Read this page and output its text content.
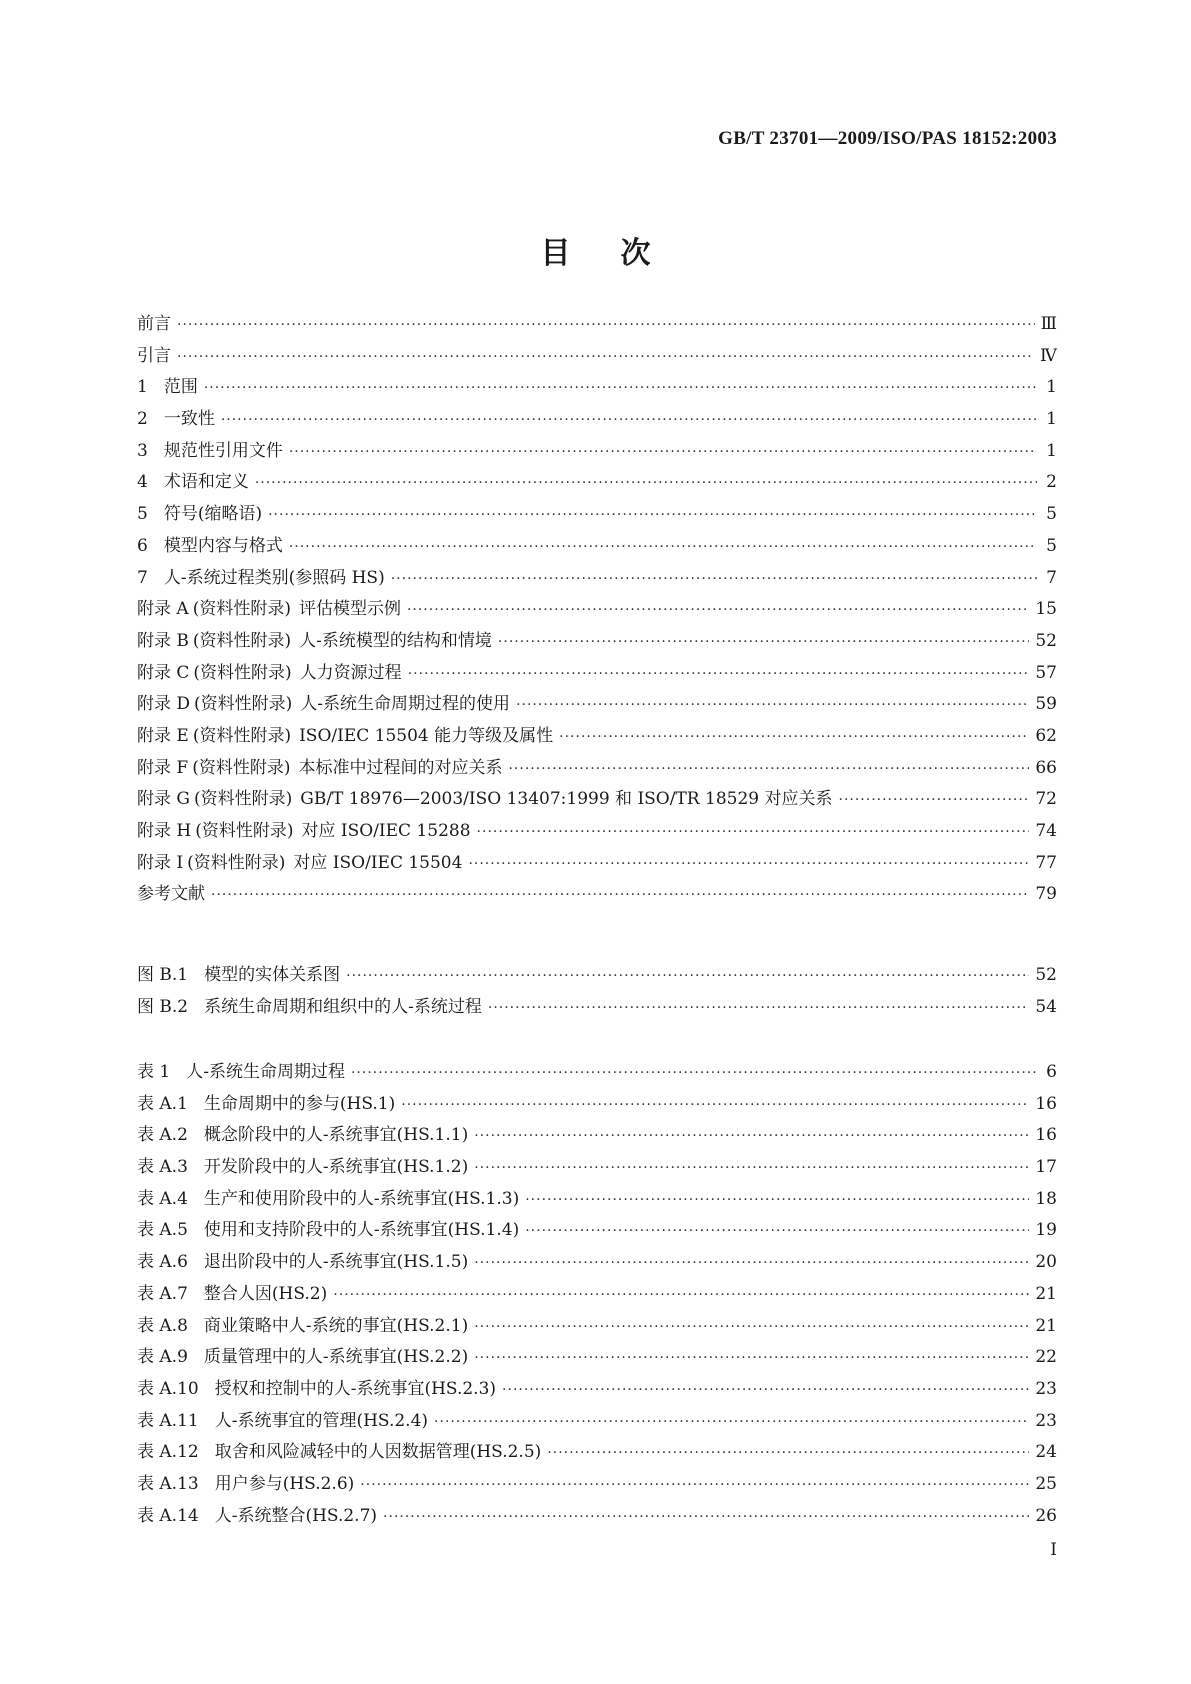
GB/T 23701—2009/ISO/PAS 18152:2003
目次
前言 ·····	Ⅲ
引言 ·····	Ⅳ
1 范围 ·····	1
2 一致性 ·····	1
3 规范性引用文件 ·····	1
4 术语和定义 ·····	2
5 符号(缩略语) ·····	5
6 模型内容与格式 ·····	5
7 人-系统过程类别(参照码 HS) ·····	7
附录 A (资料性附录) 评估模型示例 ·····	15
附录 B (资料性附录) 人-系统模型的结构和情境 ·····	52
附录 C (资料性附录) 人力资源过程 ·····	57
附录 D (资料性附录) 人-系统生命周期过程的使用 ·····	59
附录 E (资料性附录) ISO/IEC 15504 能力等级及属性 ·····	62
附录 F (资料性附录) 本标准中过程间的对应关系 ·····	66
附录 G (资料性附录) GB/T 18976—2003/ISO 13407:1999 和 ISO/TR 18529 对应关系 ·····	72
附录 H (资料性附录) 对应 ISO/IEC 15288 ·····	74
附录 I (资料性附录) 对应 ISO/IEC 15504 ·····	77
参考文献 ·····	79
图 B.1 模型的实体关系图 ·····	52
图 B.2 系统生命周期和组织中的人-系统过程 ·····	54
表 1 人-系统生命周期过程 ·····	6
表 A.1 生命周期中的参与(HS.1) ·····	16
表 A.2 概念阶段中的人-系统事宜(HS.1.1) ·····	16
表 A.3 开发阶段中的人-系统事宜(HS.1.2) ·····	17
表 A.4 生产和使用阶段中的人-系统事宜(HS.1.3) ·····	18
表 A.5 使用和支持阶段中的人-系统事宜(HS.1.4) ·····	19
表 A.6 退出阶段中的人-系统事宜(HS.1.5) ·····	20
表 A.7 整合人因(HS.2) ·····	21
表 A.8 商业策略中人-系统的事宜(HS.2.1) ·····	21
表 A.9 质量管理中的人-系统事宜(HS.2.2) ·····	22
表 A.10 授权和控制中的人-系统事宜(HS.2.3) ·····	23
表 A.11 人-系统事宜的管理(HS.2.4) ·····	23
表 A.12 取舍和风险减轻中的人因数据管理(HS.2.5) ·····	24
表 A.13 用户参与(HS.2.6) ·····	25
表 A.14 人-系统整合(HS.2.7) ·····	26
I
